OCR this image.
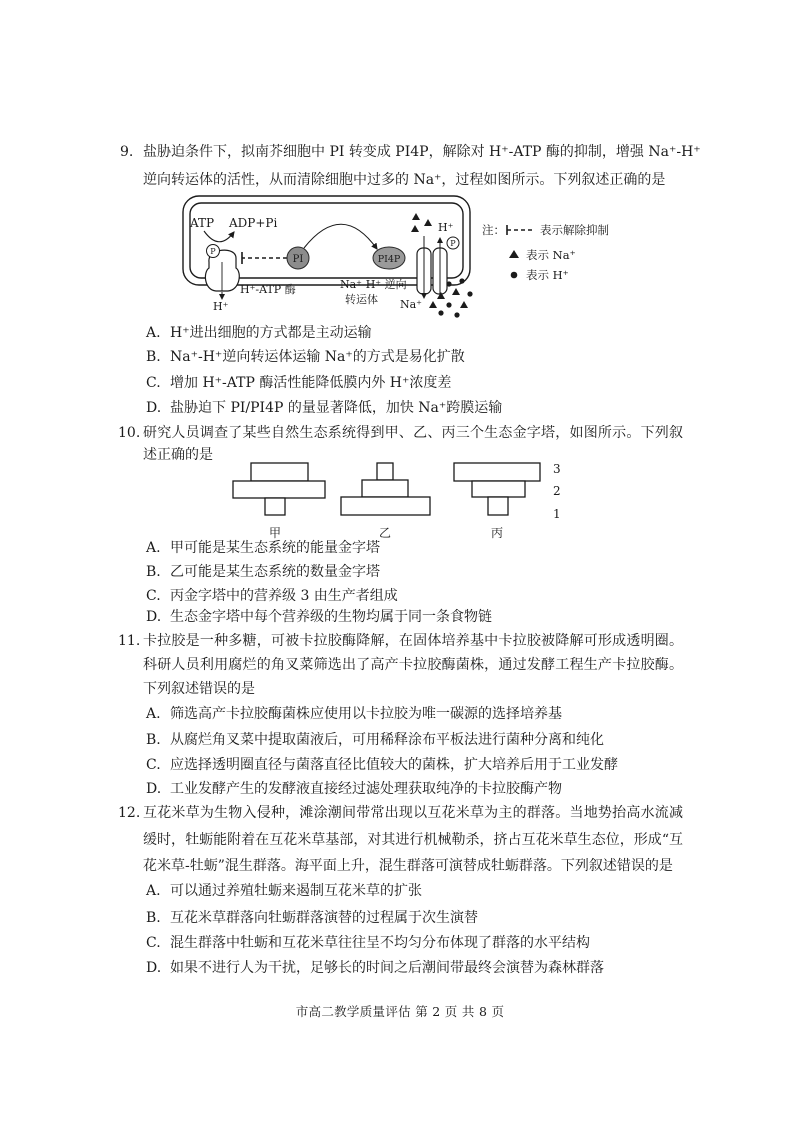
9. 盐胁迫条件下，拟南芥细胞中 PI 转变成 PI4P，解除对 H⁺-ATP 酶的抑制，增强 Na⁺-H⁺
逆向转运体的活性，从而清除细胞中过多的 Na⁺，过程如图所示。下列叙述正确的是
ATP ADP+Pi
P
H⁺
H⁺-ATP 酶
PI	PI4P
P
H⁺
Na⁺-H⁺ 逆向
转运体 Na⁺
注：	表示解除抑制
表示 Na⁺
表示 H⁺
A. H⁺进出细胞的方式都是主动运输
B. Na⁺-H⁺逆向转运体运输 Na⁺的方式是易化扩散
C. 增加 H⁺-ATP 酶活性能降低膜内外 H⁺浓度差
D. 盐胁迫下 PI/PI4P 的量显著降低，加快 Na⁺跨膜运输
10. 研究人员调查了某些自然生态系统得到甲、乙、丙三个生态金字塔，如图所示。下列叙
述正确的是
甲	乙	丙
3
2
1
A. 甲可能是某生态系统的能量金字塔
B. 乙可能是某生态系统的数量金字塔
C. 丙金字塔中的营养级 3 由生产者组成
D. 生态金字塔中每个营养级的生物均属于同一条食物链
11. 卡拉胶是一种多糖，可被卡拉胶酶降解，在固体培养基中卡拉胶被降解可形成透明圈。
科研人员利用腐烂的角叉菜筛选出了高产卡拉胶酶菌株，通过发酵工程生产卡拉胶酶。
下列叙述错误的是
A. 筛选高产卡拉胶酶菌株应使用以卡拉胶为唯一碳源的选择培养基
B. 从腐烂角叉菜中提取菌液后，可用稀释涂布平板法进行菌种分离和纯化
C. 应选择透明圈直径与菌落直径比值较大的菌株，扩大培养后用于工业发酵
D. 工业发酵产生的发酵液直接经过滤处理获取纯净的卡拉胶酶产物
12. 互花米草为生物入侵种，滩涂潮间带常出现以互花米草为主的群落。当地势抬高水流减
缓时，牡蛎能附着在互花米草基部，对其进行机械勒杀，挤占互花米草生态位，形成“互
花米草-牡蛎”混生群落。海平面上升，混生群落可演替成牡蛎群落。下列叙述错误的是
A. 可以通过养殖牡蛎来遏制互花米草的扩张
B. 互花米草群落向牡蛎群落演替的过程属于次生演替
C. 混生群落中牡蛎和互花米草往往呈不均匀分布体现了群落的水平结构
D. 如果不进行人为干扰，足够长的时间之后潮间带最终会演替为森林群落
市高二教学质量评估 第 2 页 共 8 页
